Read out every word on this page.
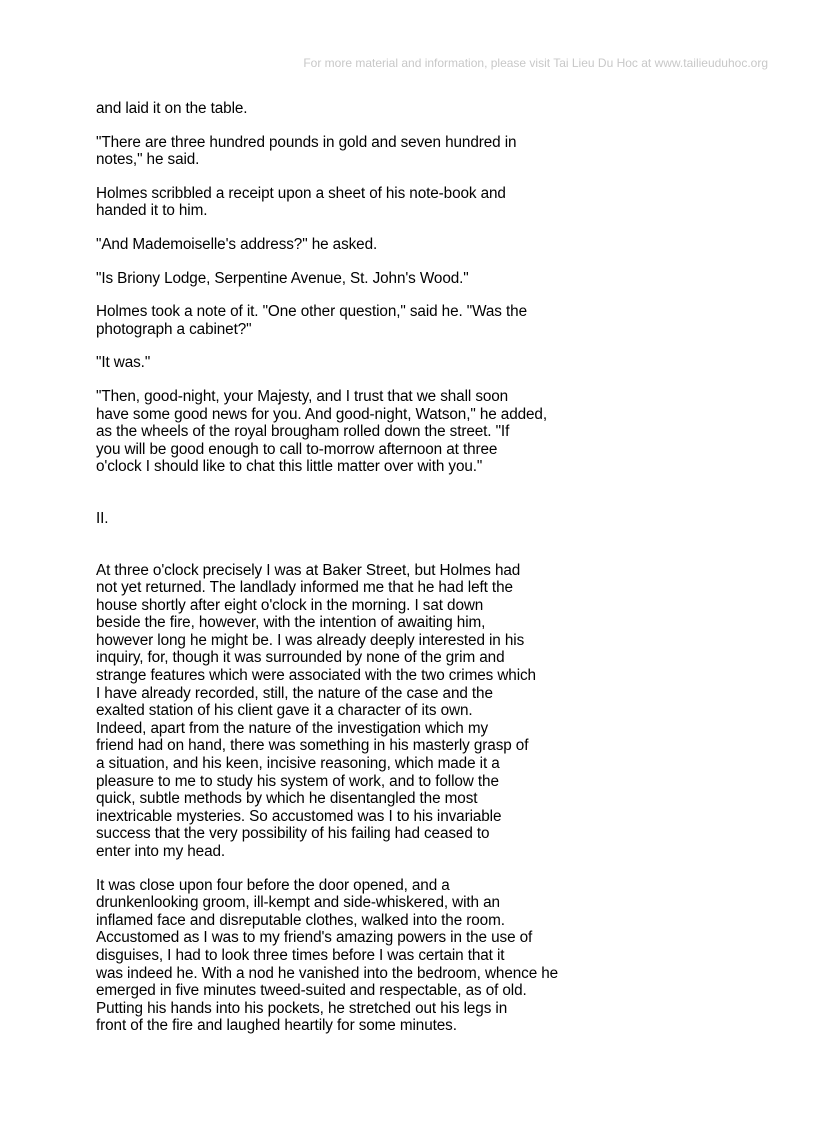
For more material and information, please visit Tai Lieu Du Hoc at www.tailieuduhoc.org

and laid it on the table.

"There are three hundred pounds in gold and seven hundred in
notes," he said.

Holmes scribbled a receipt upon a sheet of his note-book and
handed it to him.

"And Mademoiselle's address?" he asked.

"Is Briony Lodge, Serpentine Avenue, St. John's Wood."

Holmes took a note of it. "One other question," said he. "Was the
photograph a cabinet?"

"It was."

"Then, good-night, your Majesty, and I trust that we shall soon
have some good news for you. And good-night, Watson," he added,
as the wheels of the royal brougham rolled down the street. "If
you will be good enough to call to-morrow afternoon at three
o'clock I should like to chat this little matter over with you."

II.

At three o'clock precisely I was at Baker Street, but Holmes had
not yet returned. The landlady informed me that he had left the
house shortly after eight o'clock in the morning. I sat down
beside the fire, however, with the intention of awaiting him,
however long he might be. I was already deeply interested in his
inquiry, for, though it was surrounded by none of the grim and
strange features which were associated with the two crimes which
I have already recorded, still, the nature of the case and the
exalted station of his client gave it a character of its own.
Indeed, apart from the nature of the investigation which my
friend had on hand, there was something in his masterly grasp of
a situation, and his keen, incisive reasoning, which made it a
pleasure to me to study his system of work, and to follow the
quick, subtle methods by which he disentangled the most
inextricable mysteries. So accustomed was I to his invariable
success that the very possibility of his failing had ceased to
enter into my head.

It was close upon four before the door opened, and a
drunkenlooking groom, ill-kempt and side-whiskered, with an
inflamed face and disreputable clothes, walked into the room.
Accustomed as I was to my friend's amazing powers in the use of
disguises, I had to look three times before I was certain that it
was indeed he. With a nod he vanished into the bedroom, whence he
emerged in five minutes tweed-suited and respectable, as of old.
Putting his hands into his pockets, he stretched out his legs in
front of the fire and laughed heartily for some minutes.
